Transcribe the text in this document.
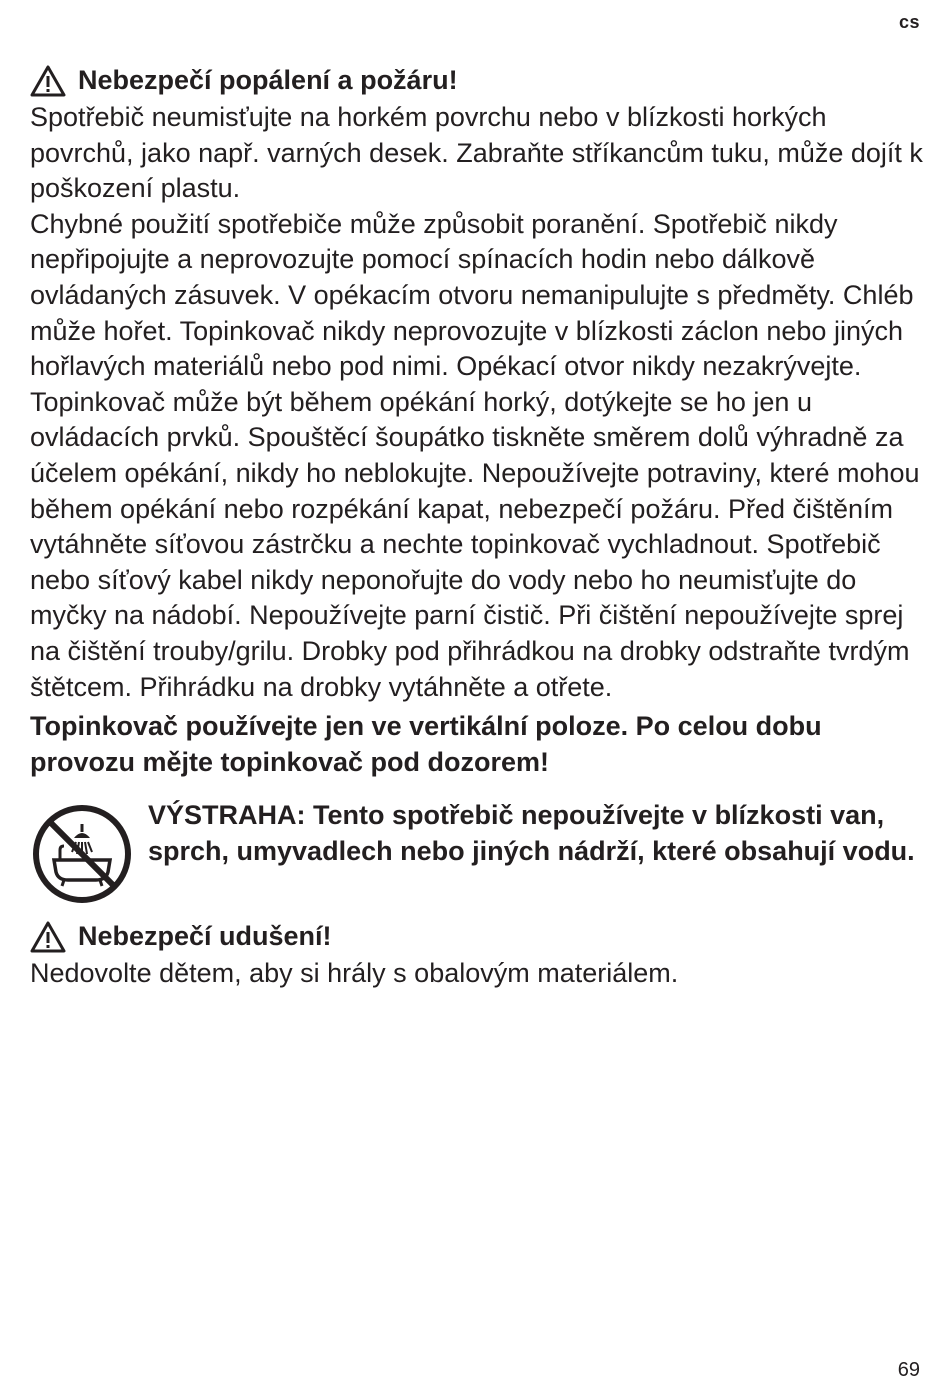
cs
Nebezpečí popálení a požáru!

Spotřebič neumisťujte na horkém povrchu nebo v blízkosti horkých povrchů, jako např. varných desek. Zabraňte stříkancům tuku, může dojít k poškození plastu.

Chybné použití spotřebiče může způsobit poranění. Spotřebič nikdy nepřipojujte a neprovozujte pomocí spínacích hodin nebo dálkově ovládaných zásuvek. V opékacím otvoru nemanipulujte s předměty. Chléb může hořet. Topinkovač nikdy neprovozujte v blízkosti záclon nebo jiných hořlavých materiálů nebo pod nimi. Opékací otvor nikdy nezakrývejte. Topinkovač může být během opékání horký, dotýkejte se ho jen u ovládacích prvků. Spouštěcí šoupátko tiskněte směrem dolů výhradně za účelem opékání, nikdy ho neblokujte. Nepoužívejte potraviny, které mohou během opékání nebo rozpékání kapat, nebezpečí požáru. Před čištěním vytáhněte síťovou zástrčku a nechte topinkovač vychladnout. Spotřebič nebo síťový kabel nikdy neponořujte do vody nebo ho neumisťujte do myčky na nádobí. Nepoužívejte parní čistič. Při čištění nepoužívejte sprej na čištění trouby/grilu. Drobky pod přihrádkou na drobky odstraňte tvrdým štětcem. Přihrádku na drobky vytáhněte a otřete.

Topinkovač používejte jen ve vertikální poloze. Po celou dobu provozu mějte topinkovač pod dozorem!

VÝSTRAHA: Tento spotřebič nepoužívejte v blízkosti van, sprch, umyvadlech nebo jiných nádrží, které obsahují vodu.

Nebezpečí udušení!

Nedovolte dětem, aby si hrály s obalovým materiálem.

69
